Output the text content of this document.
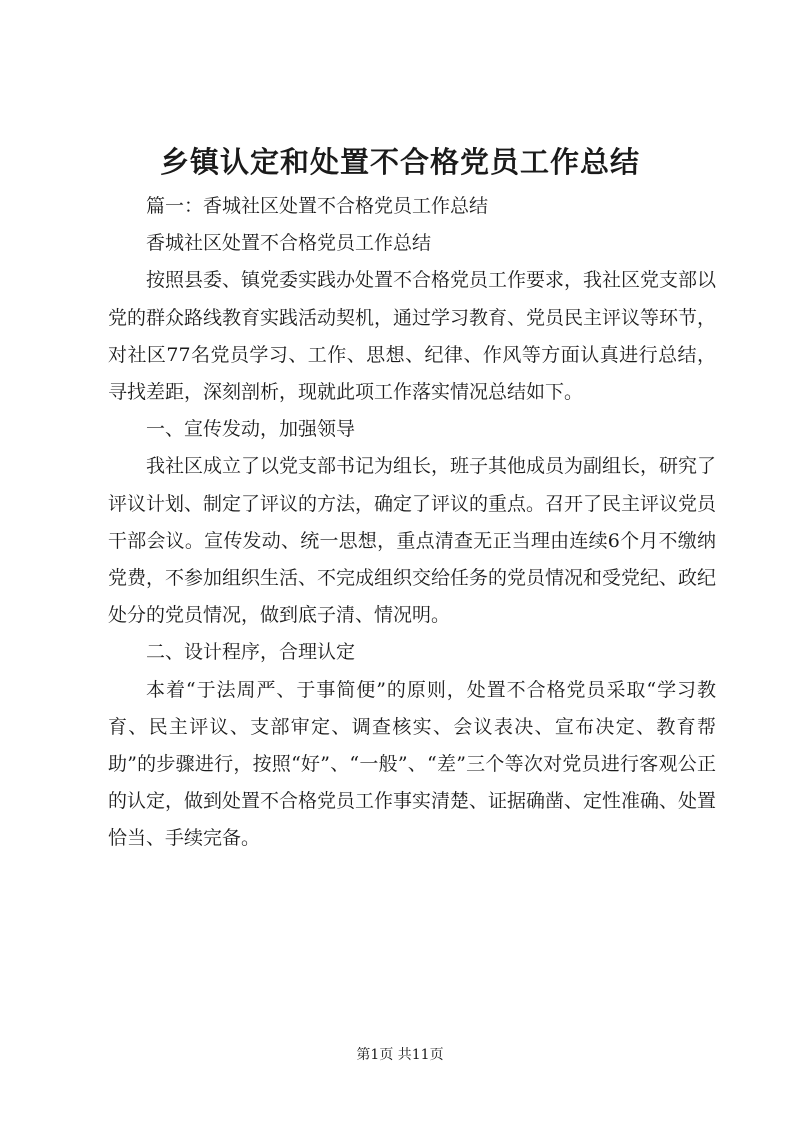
乡镇认定和处置不合格党员工作总结

篇一：香城社区处置不合格党员工作总结

香城社区处置不合格党员工作总结

按照县委、镇党委实践办处置不合格党员工作要求，我社区党支部以党的群众路线教育实践活动契机，通过学习教育、党员民主评议等环节，对社区77名党员学习、工作、思想、纪律、作风等方面认真进行总结，寻找差距，深刻剖析，现就此项工作落实情况总结如下。

一、宣传发动，加强领导

我社区成立了以党支部书记为组长，班子其他成员为副组长，研究了评议计划、制定了评议的方法，确定了评议的重点。召开了民主评议党员干部会议。宣传发动、统一思想，重点清查无正当理由连续6个月不缴纳党费，不参加组织生活、不完成组织交给任务的党员情况和受党纪、政纪处分的党员情况，做到底子清、情况明。

二、设计程序，合理认定

本着“于法周严、于事简便”的原则，处置不合格党员采取“学习教育、民主评议、支部审定、调查核实、会议表决、宣布决定、教育帮助”的步骤进行，按照“好”、“一般”、“差”三个等次对党员进行客观公正的认定，做到处置不合格党员工作事实清楚、证据确凿、定性准确、处置恰当、手续完备。

第1页 共11页
